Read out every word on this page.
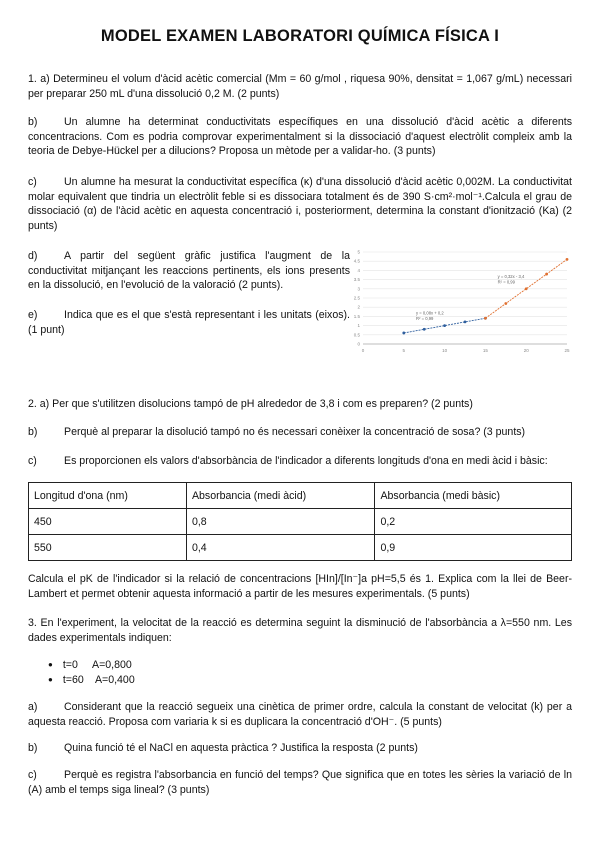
MODEL EXAMEN LABORATORI QUÍMICA FÍSICA I
1. a) Determineu el volum d'àcid acètic comercial (Mm = 60 g/mol , riquesa 90%, densitat = 1,067 g/mL) necessari per preparar 250 mL d'una dissolució 0,2 M. (2 punts)
b)	Un alumne ha determinat conductivitats específiques en una dissolució d'àcid acètic a diferents concentracions. Com es podria comprovar experimentalment si la dissociació d'aquest electròlit compleix amb la teoria de Debye-Hückel per a dilucions? Proposa un mètode per a validar-ho. (3 punts)
c)	Un alumne ha mesurat la conductivitat específica (κ) d'una dissolució d'àcid acètic 0,002M. La conductivitat molar equivalent que tindria un electròlit feble si es dissociara totalment és de 390 S·cm²·mol⁻¹.Calcula el grau de dissociació (α) de l'àcid acètic en aquesta concentració i, posteriorment, determina la constant d'ionització (Ka) (2 punts)
d)	A partir del següent gràfic justifica l'augment de la conductivitat mitjançant les reaccions pertinents, els ions presents en la dissolució, en l'evolució de la valoració (2 punts).
e)	Indica que es el que s'està representant i les unitats (eixos). (1 punt)
0
0.5
1
1.5
2
2.5
3
3.5
4
4.5
5
0	5	10	15	20	25
y = 0,08x + 0,2
R² = 0,99
y = 0,32x - 3,4
R² = 0,99
2. a) Per que s'utilitzen disolucions tampó de pH alrededor de 3,8 i com es preparen? (2 punts)
b)	Perquè al preparar la disolució tampó no és necessari conèixer la concentració de sosa? (3 punts)
c)	Es proporcionen els valors d'absorbància de l'indicador a diferents longituds d'ona en medi àcid i bàsic:
Longitud d'ona (nm)	Absorbancia (medi àcid)	Absorbancia (medi bàsic)
450	0,8	0,2
550	0,4	0,9
Calcula el pK de l'indicador si la relació de concentracions [HIn]/[In⁻]a pH=5,5 és 1. Explica com la llei de Beer-Lambert et permet obtenir aquesta informació a partir de les mesures experimentals. (5 punts)
3. En l'experiment, la velocitat de la reacció es determina seguint la disminució de l'absorbància a λ=550 nm. Les dades experimentals indiquen:
● t=0     A=0,800
● t=60    A=0,400
a)	Considerant que la reacció segueix una cinètica de primer ordre, calcula la constant de velocitat (k) per a aquesta reacció. Proposa com variaria k si es duplicara la concentració d'OH⁻. (5 punts)
b)	Quina funció té el NaCl en aquesta pràctica ? Justifica la resposta (2 punts)
c)	Perquè es registra l'absorbancia en funció del temps? Que significa que en totes les sèries la variació de ln (A) amb el temps siga lineal? (3 punts)
